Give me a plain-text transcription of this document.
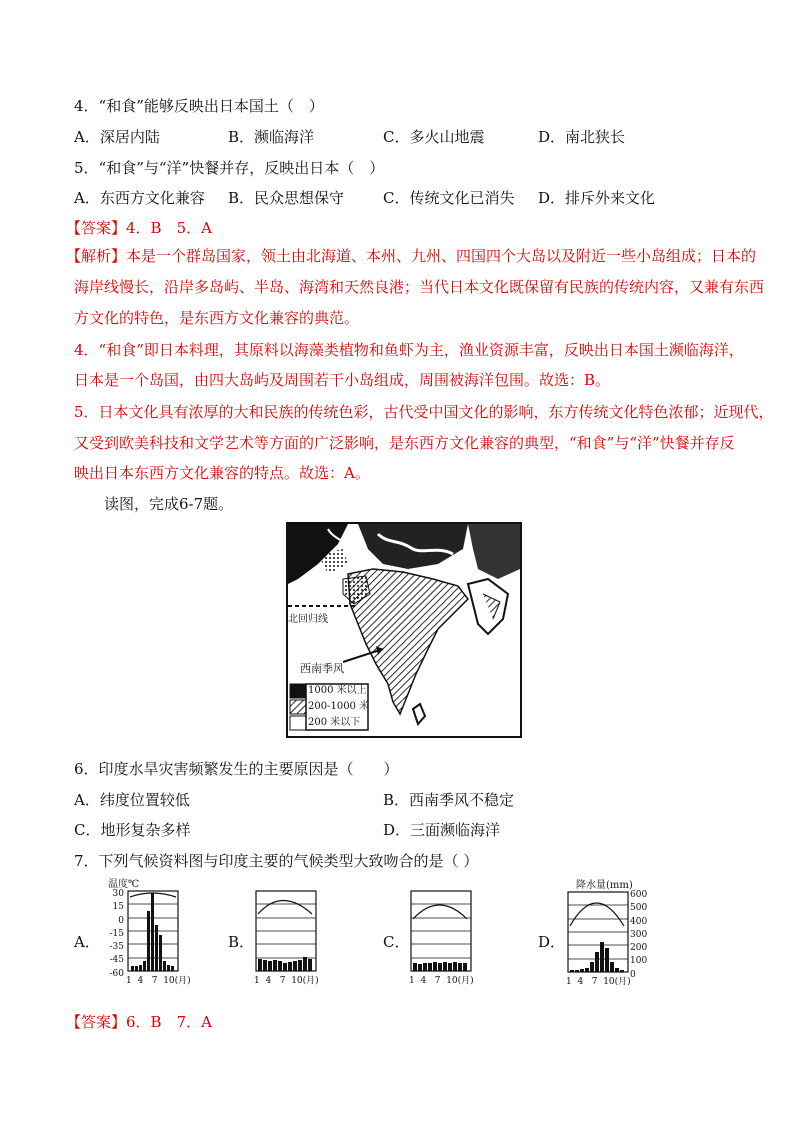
4．“和食”能够反映出日本国土（　）
A．深居内陆	B．濒临海洋	C．多火山地震	D．南北狭长
5．“和食”与“洋”快餐并存，反映出日本（　）
A．东西方文化兼容 B．民众思想保守	C．传统文化已消失 D．排斥外来文化
【答案】4．B　5．A
【解析】本是一个群岛国家，领土由北海道、本州、九州、四国四个大岛以及附近一些小岛组成；日本的
海岸线慢长，沿岸多岛屿、半岛、海湾和天然良港；当代日本文化既保留有民族的传统内容，又兼有东西
方文化的特色，是东西方文化兼容的典范。
4．“和食”即日本料理，其原料以海藻类植物和鱼虾为主，渔业资源丰富，反映出日本国土濒临海洋，
日本是一个岛国，由四大岛屿及周围若干小岛组成，周围被海洋包围。故选：B。
5．日本文化具有浓厚的大和民族的传统色彩，古代受中国文化的影响，东方传统文化特色浓郁；近现代，
又受到欧美科技和文学艺术等方面的广泛影响，是东西方文化兼容的典型，“和食”与“洋”快餐并存反
映出日本东西方文化兼容的特点。故选：A。
读图，完成6-7题。
北回归线
西南季风
1000 米以上
200-1000 米
200 米以下
6．印度水旱灾害频繁发生的主要原因是（　　）
A．纬度位置较低	B．西南季风不稳定
C．地形复杂多样	D．三面濒临海洋
7．下列气候资料图与印度主要的气候类型大致吻合的是（ ）
A．	B．	C．	D．
温度℃
30
15
0
-15
-35
-45
-60
1  4   7  10(月)	1  4   7  10(月)	1  4   7  10(月)
降水量(mm)
600
500
400
300
200
100
0
1  4   7  10(月)
【答案】6．B　7．A
